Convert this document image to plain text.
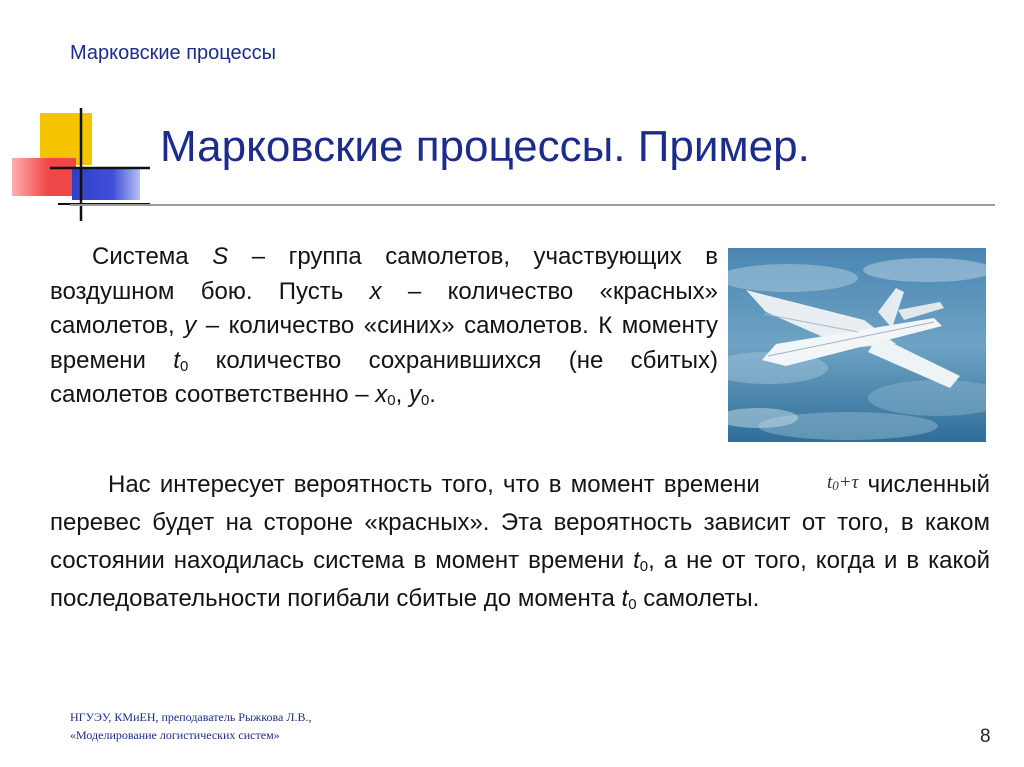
Марковские процессы
Марковские процессы. Пример.

Система S – группа самолетов, участвующих в воздушном бою. Пусть x – количество «красных» самолетов, y – количество «синих» самолетов. К моменту времени $t_0$ количество сохранившихся (не сбитых) самолетов соответственно – $x_0$, $y_0$.

Нас интересует вероятность того, что в момент времени	$t_0+\tau$ численный перевес будет на стороне «красных». Эта вероятность зависит от того, в каком состоянии находилась система в момент времени $t_0$, а не от того, когда и в какой последовательности погибали сбитые до момента $t_0$ самолеты.

НГУЭУ, КМиЕН, преподаватель Рыжкова Л.В.,
«Моделирование логистических систем»	8
